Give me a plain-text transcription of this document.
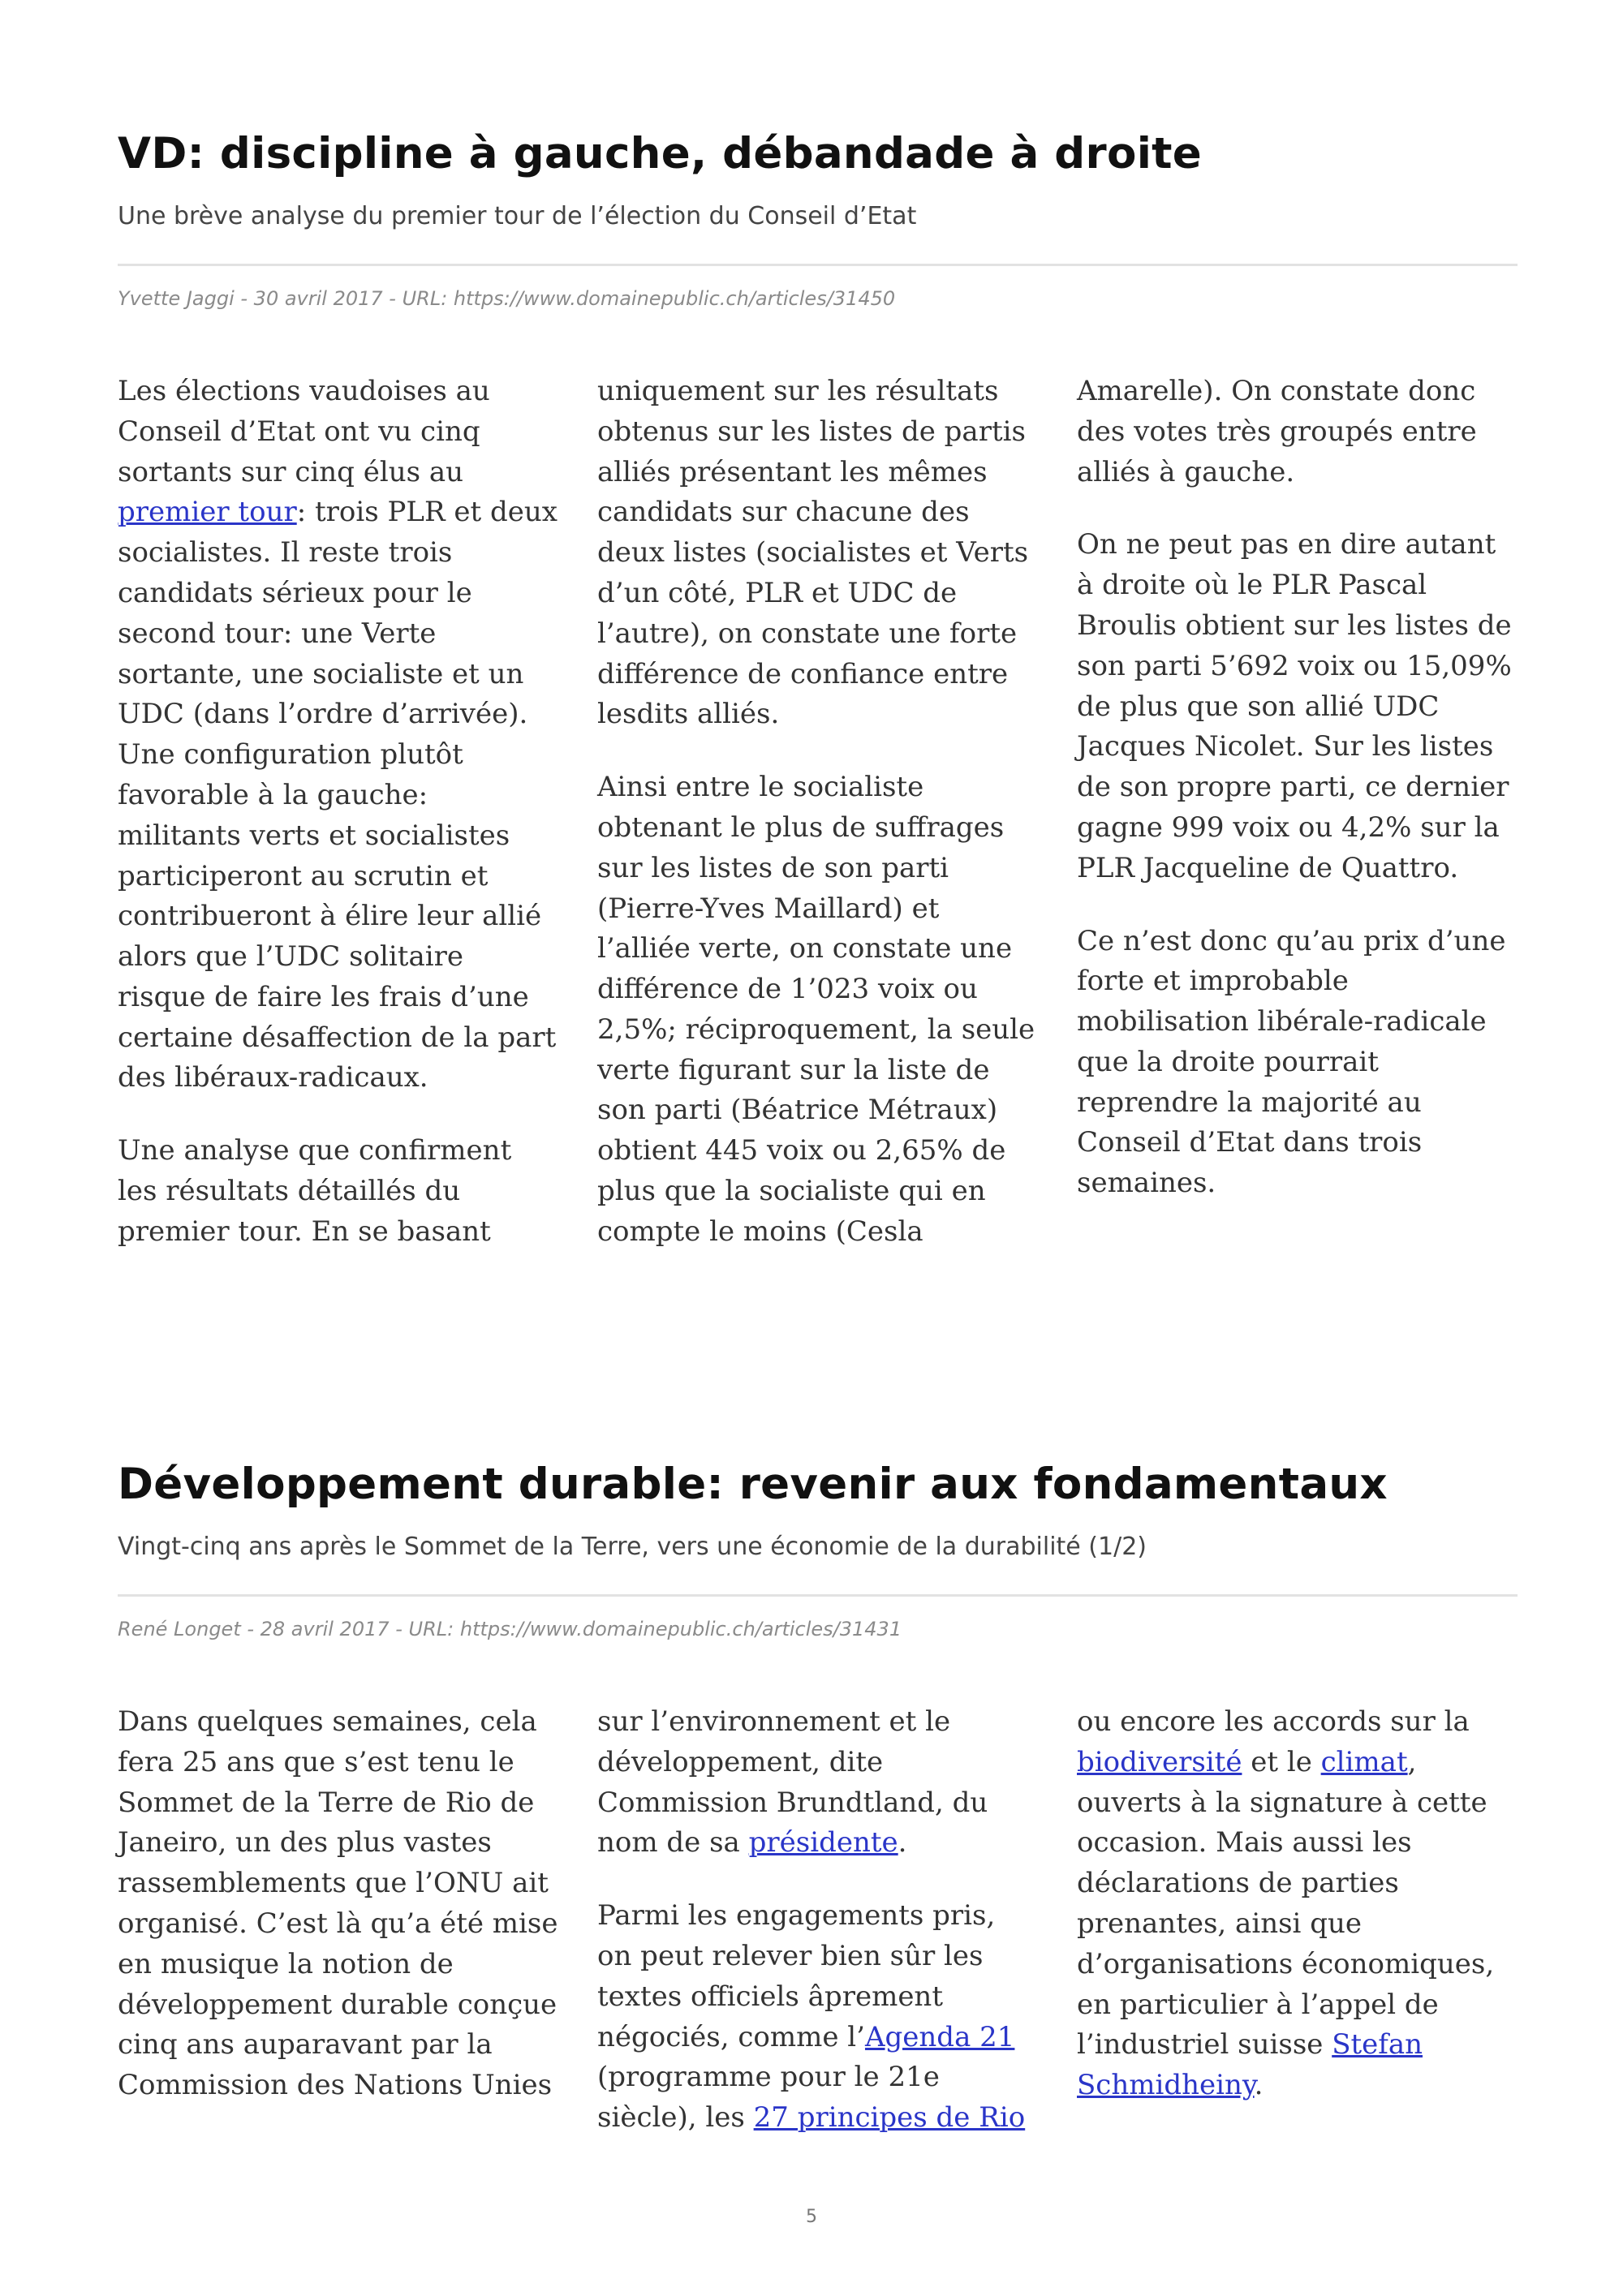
VD: discipline à gauche, débandade à droite

Une brève analyse du premier tour de l’élection du Conseil d’Etat

Yvette Jaggi - 30 avril 2017 - URL: https://www.domainepublic.ch/articles/31450

Les élections vaudoises au Conseil d’Etat ont vu cinq sortants sur cinq élus au premier tour: trois PLR et deux socialistes. Il reste trois candidats sérieux pour le second tour: une Verte sortante, une socialiste et un UDC (dans l’ordre d’arrivée). Une configuration plutôt favorable à la gauche: militants verts et socialistes participeront au scrutin et contribueront à élire leur allié alors que l’UDC solitaire risque de faire les frais d’une certaine désaffection de la part des libéraux-radicaux.

Une analyse que confirment les résultats détaillés du premier tour. En se basant uniquement sur les résultats obtenus sur les listes de partis alliés présentant les mêmes candidats sur chacune des deux listes (socialistes et Verts d’un côté, PLR et UDC de l’autre), on constate une forte différence de confiance entre lesdits alliés.

Ainsi entre le socialiste obtenant le plus de suffrages sur les listes de son parti (Pierre-Yves Maillard) et l’alliée verte, on constate une différence de 1’023 voix ou 2,5%; réciproquement, la seule verte figurant sur la liste de son parti (Béatrice Métraux) obtient 445 voix ou 2,65% de plus que la socialiste qui en compte le moins (Cesla Amarelle). On constate donc des votes très groupés entre alliés à gauche.

On ne peut pas en dire autant à droite où le PLR Pascal Broulis obtient sur les listes de son parti 5’692 voix ou 15,09% de plus que son allié UDC Jacques Nicolet. Sur les listes de son propre parti, ce dernier gagne 999 voix ou 4,2% sur la PLR Jacqueline de Quattro.

Ce n’est donc qu’au prix d’une forte et improbable mobilisation libérale-radicale que la droite pourrait reprendre la majorité au Conseil d’Etat dans trois semaines.

Développement durable: revenir aux fondamentaux

Vingt-cinq ans après le Sommet de la Terre, vers une économie de la durabilité (1/2)

René Longet - 28 avril 2017 - URL: https://www.domainepublic.ch/articles/31431

Dans quelques semaines, cela fera 25 ans que s’est tenu le Sommet de la Terre de Rio de Janeiro, un des plus vastes rassemblements que l’ONU ait organisé. C’est là qu’a été mise en musique la notion de développement durable conçue cinq ans auparavant par la Commission des Nations Unies sur l’environnement et le développement, dite Commission Brundtland, du nom de sa présidente.

Parmi les engagements pris, on peut relever bien sûr les textes officiels âprement négociés, comme l’Agenda 21 (programme pour le 21e siècle), les 27 principes de Rio ou encore les accords sur la biodiversité et le climat, ouverts à la signature à cette occasion. Mais aussi les déclarations de parties prenantes, ainsi que d’organisations économiques, en particulier à l’appel de l’industriel suisse Stefan Schmidheiny.

5
